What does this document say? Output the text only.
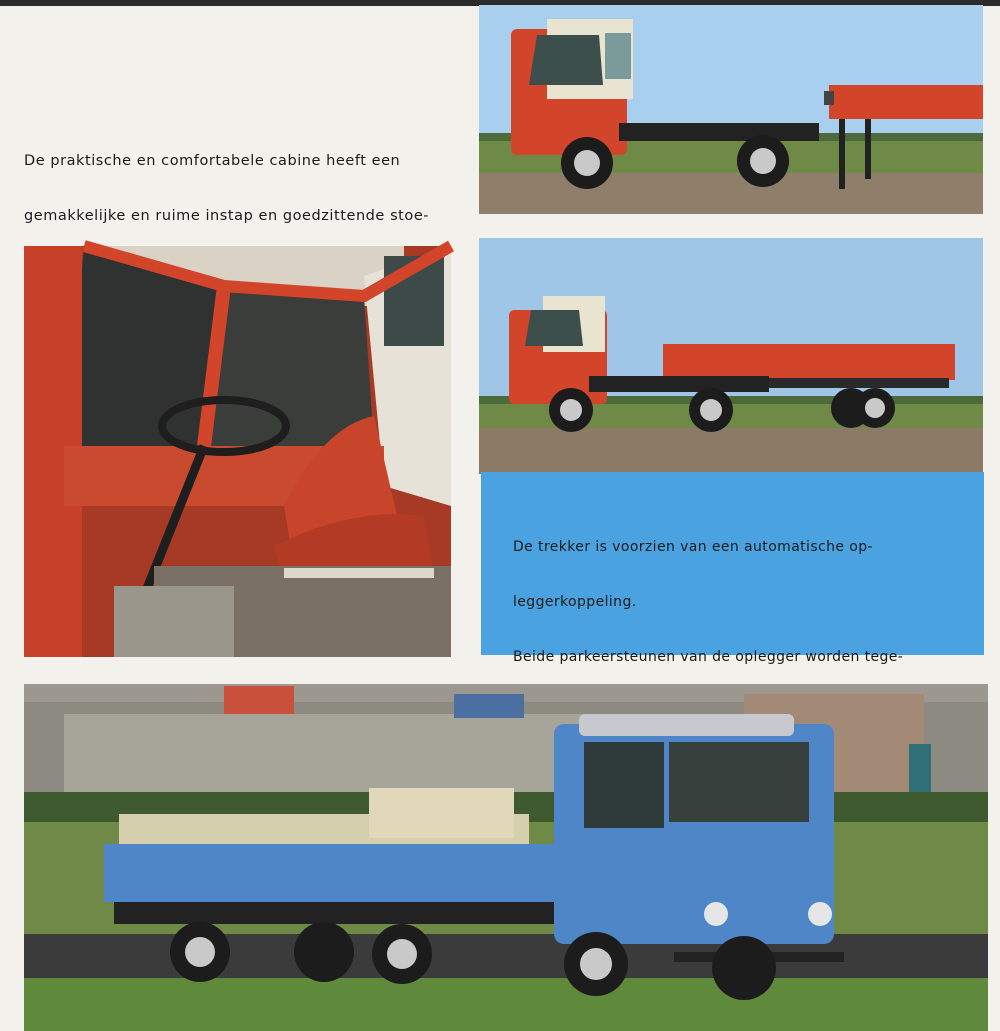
De praktische en comfortabele cabine heeft een

gemakkelijke en ruime instap en goedzittende stoe-

De trekker is voorzien van een automatische op-

leggerkoppeling.

Beide parkeersteunen van de oplegger worden tege-
